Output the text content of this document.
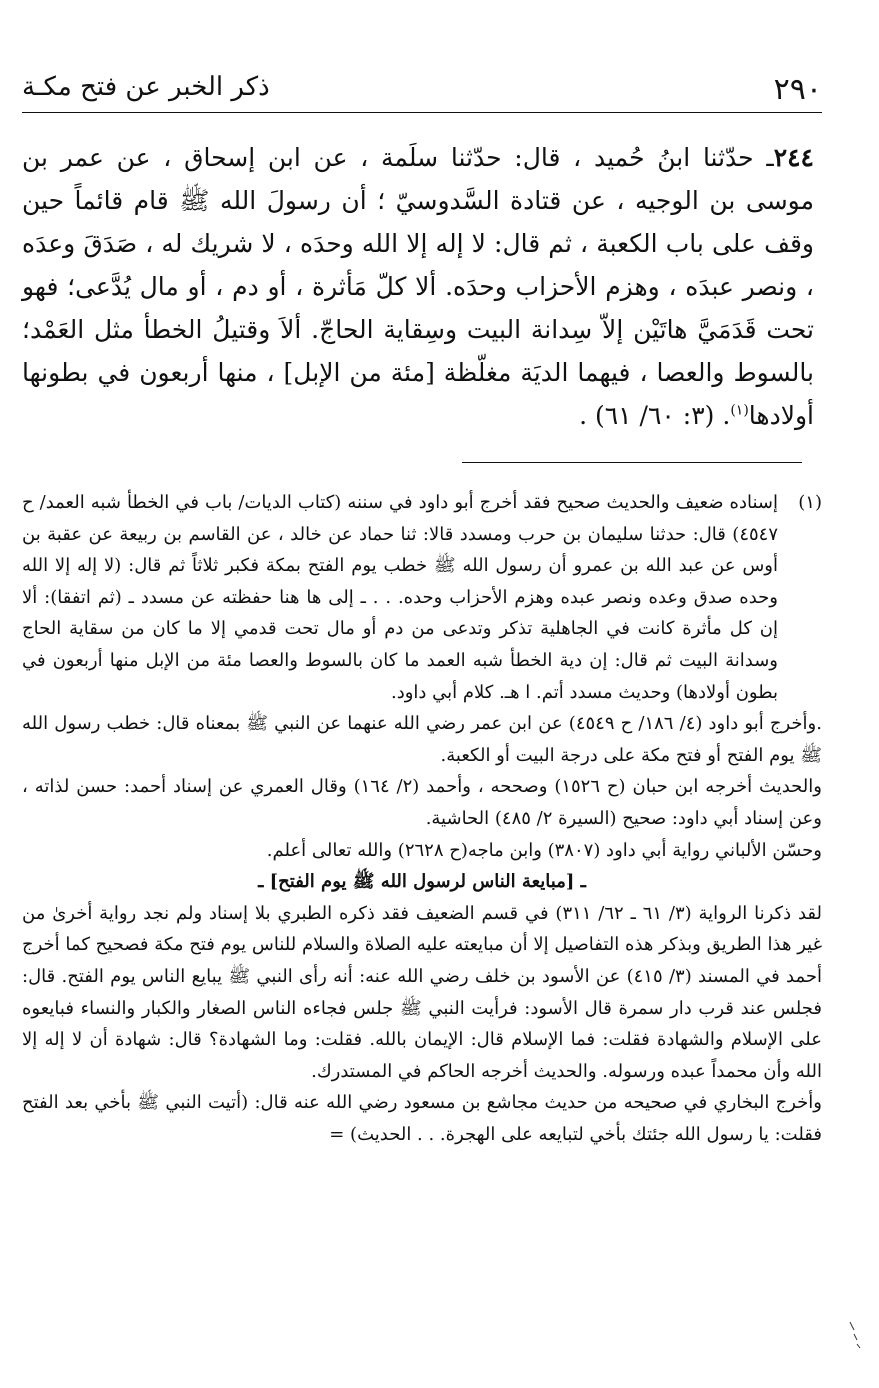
٢٩٠
ذكر الخبر عن فتح مكـة
٢٤٤ـ حدّثنا ابنُ حُميد ، قال: حدّثنا سلَمة ، عن ابن إسحاق ، عن عمر بن موسى بن الوجيه ، عن قتادة السَّدوسيّ ؛ أن رسولَ الله ﷺ قام قائماً حين وقف على باب الكعبة ، ثم قال: لا إله إلا الله وحدَه ، لا شريك له ، صَدَقَ وعدَه ، ونصر عبدَه ، وهزم الأحزاب وحدَه. ألا كلّ مَأثرة ، أو دم ، أو مال يُدَّعى؛ فهو تحت قَدَمَيَّ هاتَيْن إلاّ سِدانة البيت وسِقاية الحاجّ. ألاَ وقتيلُ الخطأ مثل العَمْد؛ بالسوط والعصا ، فيهما الديَة مغلّظة [مئة من الإبل] ، منها أربعون في بطونها أولادها$^{(١)}$. (٣: ٦٠/ ٦١) .
(١)

إسناده ضعيف والحديث صحيح فقد أخرج أبو داود في سننه (كتاب الديات/ باب في الخطأ شبه العمد/ ح ٤٥٤٧) قال: حدثنا سليمان بن حرب ومسدد قالا: ثنا حماد عن خالد ، عن القاسم بن ربيعة عن عقبة بن أوس عن عبد الله بن عمرو أن رسول الله ﷺ خطب يوم الفتح بمكة فكبر ثلاثاً ثم قال: (لا إله إلا الله وحده صدق وعده ونصر عبده وهزم الأحزاب وحده. . . ـ إلى ها هنا حفظته عن مسدد ـ (ثم اتفقا): ألا إن كل مأثرة كانت في الجاهلية تذكر وتدعى من دم أو مال تحت قدمي إلا ما كان من سقاية الحاج وسدانة البيت ثم قال: إن دية الخطأ شبه العمد ما كان بالسوط والعصا مئة من الإبل منها أربعون في بطون أولادها) وحديث مسدد أتم. ا هـ. كلام أبي داود.

.وأخرج أبو داود (٤/ ١٨٦/ ح ٤٥٤٩) عن ابن عمر رضي الله عنهما عن النبي ﷺ بمعناه قال: خطب رسول الله ﷺ يوم الفتح أو فتح مكة على درجة البيت أو الكعبة.

والحديث أخرجه ابن حبان (ح ١٥٢٦) وصححه ، وأحمد (٢/ ١٦٤) وقال العمري عن إسناد أحمد: حسن لذاته ، وعن إسناد أبي داود: صحيح (السيرة ٢/ ٤٨٥) الحاشية.

وحسّن الألباني رواية أبي داود (٣٨٠٧) وابن ماجه(ح ٢٦٢٨) والله تعالى أعلم.

ـ [مبايعة الناس لرسول الله ﷺ يوم الفتح] ـ

لقد ذكرنا الرواية (٣/ ٦١ ـ ٦٢/ ٣١١) في قسم الضعيف فقد ذكره الطبري بلا إسناد ولم نجد رواية أخرىٰ من غير هذا الطريق وبذكر هذه التفاصيل إلا أن مبايعته عليه الصلاة والسلام للناس يوم فتح مكة فصحيح كما أخرج أحمد في المسند (٣/ ٤١٥) عن الأسود بن خلف رضي الله عنه: أنه رأى النبي ﷺ يبايع الناس يوم الفتح. قال: فجلس عند قرب دار سمرة قال الأسود: فرأيت النبي ﷺ جلس فجاءه الناس الصغار والكبار والنساء فبايعوه على الإسلام والشهادة فقلت: فما الإسلام قال: الإيمان بالله. فقلت: وما الشهادة؟ قال: شهادة أن لا إله إلا الله وأن محمداً عبده ورسوله. والحديث أخرجه الحاكم في المستدرك.

وأخرج البخاري في صحيحه من حديث مجاشع بن مسعود رضي الله عنه قال: (أتيت النبي ﷺ بأخي بعد الفتح فقلت: يا رسول الله جئتك بأخي لتبايعه على الهجرة. . . الحديث) =
